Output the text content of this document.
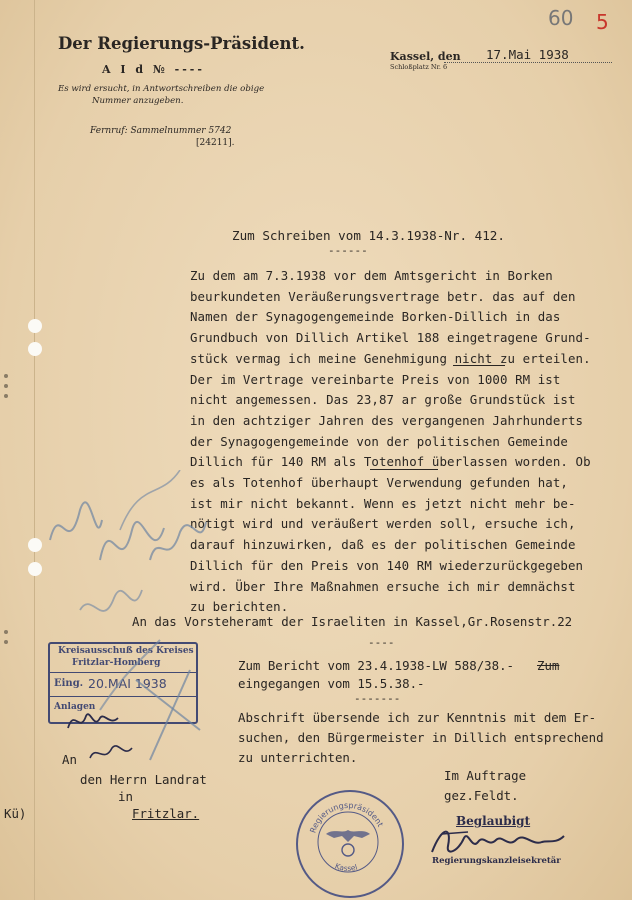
60 5
Der Regierungs-Präsident.
A I d № ----
Es wird ersucht, in Antwortschreiben die obige
Nummer anzugeben.
Fernruf: Sammelnummer 5742
[24211].
Kassel, den 17.Mai 1938
Schloßplatz Nr. 6
Zum Schreiben vom 14.3.1938-Nr. 412.
------
Zu dem am 7.3.1938 vor dem Amtsgericht in Borken
beurkundeten Veräußerungsvertrage betr. das auf den
Namen der Synagogengemeinde Borken-Dillich in das
Grundbuch von Dillich Artikel 188 eingetragene Grund-
stück vermag ich meine Genehmigung nicht zu erteilen.
Der im Vertrage vereinbarte Preis von 1000 RM ist
nicht angemessen. Das 23,87 ar große Grundstück ist
in den achtziger Jahren des vergangenen Jahrhunderts
der Synagogengemeinde von der politischen Gemeinde
Dillich für 140 RM als Totenhof überlassen worden. Ob
es als Totenhof überhaupt Verwendung gefunden hat,
ist mir nicht bekannt. Wenn es jetzt nicht mehr be-
nötigt wird und veräußert werden soll, ersuche ich,
darauf hinzuwirken, daß es der politischen Gemeinde
Dillich für den Preis von 140 RM wiederzurückgegeben
wird. Über Ihre Maßnahmen ersuche ich mir demnächst
zu berichten.
An das Vorsteheramt der Israeliten in Kassel,Gr.Rosenstr.22
----
Zum Bericht vom 23.4.1938-LW 588/38.- Zum
eingegangen vom 15.5.38.-
-------
Abschrift übersende ich zur Kenntnis mit dem Er-
suchen, den Bürgermeister in Dillich entsprechend
zu unterrichten.
An
den Herrn Landrat
in
Fritzlar.
Kü)
Im Auftrage
gez.Feldt.
Beglaubigt
Regierungskanzleisekretär
Kreisausschuß des Kreises
Fritzlar-Homberg
Eing. 20.MAI 1938
Anlagen
Regierungspräsident
Kassel
